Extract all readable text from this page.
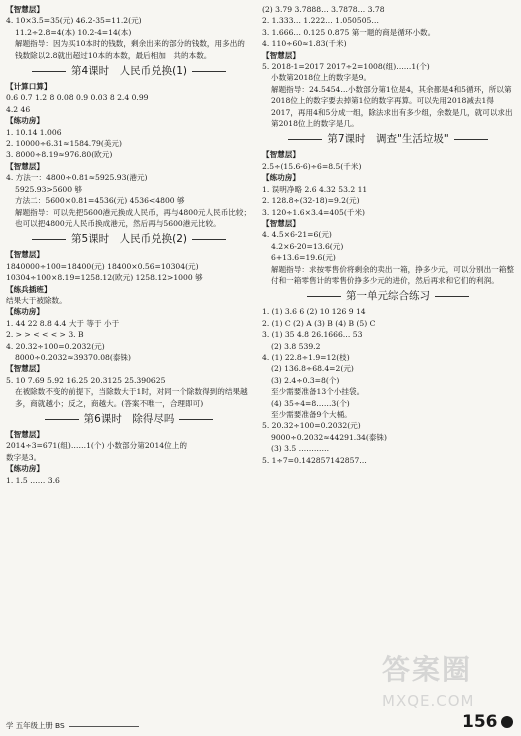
【智慧层】
4. 10×3.5=35(元) 46.2-35=11.2(元)
11.2÷2.8=4(本) 10.2-4=14(本)
解题指导：因为买10本时的钱数，剩余出来的部分的钱数，用多出的钱数除以2.8就出超过10本的本数，最后相加　共的本数。
第4课时　人民币兑换(1)
【计算口算】
0.6 0.7 1.2 8 0.08 0.9 0.03 8 2.4 0.99
4.2 46
【练功房】
1. 10.14 1.006
2. 10000÷6.31≈1584.79(美元)
3. 8000÷8.19≈976.80(欧元)
【智慧层】
4. 方法一：4800÷0.81≈5925.93(港元)
5925.93>5600 够
方法二：5600×0.81=4536(元) 4536<4800 够
解题指导：可以先把5600港元换成人民币，再与4800元人民币比较；也可以把4800元人民币换成港元，然后再与5600港元比较。
第5课时　人民币兑换(2)
【智慧层】
1840000÷100=18400(元) 18400×0.56=10304(元)
10304÷100×8.19=1258.12(欧元) 1258.12>1000 够
【练兵插班】
结果大于被除数。
【练功房】
1. 44 22 8.8 4.4 大于 等于 小于
2. > > < < < > 3. B
4. 20.32÷100=0.2032(元)
8000÷0.2032≈39370.08(泰铢)
【智慧层】
5. 10 7.69 5.92 16.25 20.3125 25.390625
在被除数不变的前提下，当除数大于1时，对同一个除数得到的结果越多，商就越小；反之，商越大。(答案不唯一，合理即可)
第6课时　除得尽吗
【智慧层】
2014÷3=671(组)……1(个) 小数部分第2014位上的
数字是3。
【练功房】
1. 1.5 …… 3.6
(2) 3.79 3.7888… 3.7878… 3.78
2. 1.333… 1.222… 1.050505…
3. 1.666… 0.125 0.875 第一题的商是循环小数。
4. 110÷60≈1.83(千米)
【智慧层】
5. 2018-1=2017 2017÷2=1008(组)……1(个)
小数第2018位上的数字是9。
解题指导：24.5454…小数部分第1位是4，其余都是4和5循环，所以第2018位上的数字要去掉第1位的数字再算。可以先用2018减去1得2017，再用4和5分成一组，除法求出有多少组，余数是几，就可以求出第2018位上的数字是几。
第7课时　调查"生活垃圾"
【智慧层】
2.5÷(15.6-6)÷6=8.5(千米)
【练功房】
1. 误明净略 2.6 4.32 53.2 11
2. 128.8÷(32-18)=9.2(元)
3. 120÷1.6×3.4=405(千米)
【智慧层】
4. 4.5×6-21=6(元)
4.2×6-20=13.6(元)
6+13.6=19.6(元)
解题指导：求按零售价将剩余的卖出一箱，挣多少元，可以分别出一箱整付和一箱零售计的零售价挣多少元的进价，然后再求和它们的利润。
第一单元综合练习
1. (1) 3.6 6 (2) 10 126 9 14
2. (1) C (2) A (3) B (4) B (5) C
3. (1) 35 4.8 26.1666… 53
(2) 3.8 539.2
4. (1) 22.8÷1.9=12(枝)
(2) 136.8÷68.4=2(元)
(3) 2.4÷0.3=8(个)
至少需要准备13个小挂袋。
(4) 35÷4=8……3(个)
至少需要准备9个大桶。
5. 20.32÷100=0.2032(元)
9000÷0.2032≈44291.34(泰铢)
(3) 3.5 …………
5. 1÷7=0.142857142857…
学 五年级上册 BS	156
答案圈
MXQE.COM
